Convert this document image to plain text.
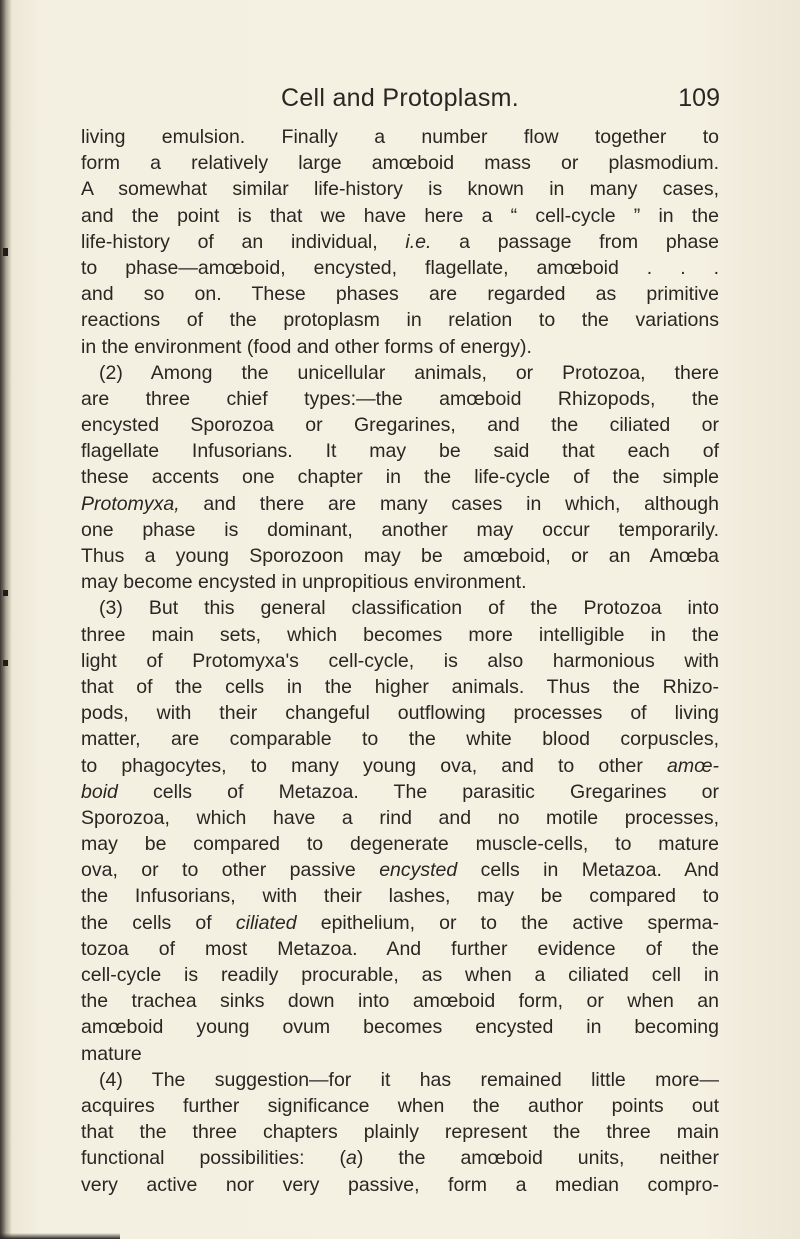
Cell and Protoplasm.	109
living emulsion. Finally a number flow together to
form a relatively large amœboid mass or plasmodium.
A somewhat similar life-history is known in many cases,
and the point is that we have here a “ cell-cycle ” in the
life-history of an individual, i.e. a passage from phase
to phase—amœboid, encysted, flagellate, amœboid . . .
and so on. These phases are regarded as primitive
reactions of the protoplasm in relation to the variations
in the environment (food and other forms of energy).
(2) Among the unicellular animals, or Protozoa, there
are three chief types:—the amœboid Rhizopods, the
encysted Sporozoa or Gregarines, and the ciliated or
flagellate Infusorians. It may be said that each of
these accents one chapter in the life-cycle of the simple
Protomyxa, and there are many cases in which, although
one phase is dominant, another may occur temporarily.
Thus a young Sporozoon may be amœboid, or an Amœba
may become encysted in unpropitious environment.
(3) But this general classification of the Protozoa into
three main sets, which becomes more intelligible in the
light of Protomyxa's cell-cycle, is also harmonious with
that of the cells in the higher animals. Thus the Rhizo-
pods, with their changeful outflowing processes of living
matter, are comparable to the white blood corpuscles,
to phagocytes, to many young ova, and to other amœ-
boid cells of Metazoa. The parasitic Gregarines or
Sporozoa, which have a rind and no motile processes,
may be compared to degenerate muscle-cells, to mature
ova, or to other passive encysted cells in Metazoa. And
the Infusorians, with their lashes, may be compared to
the cells of ciliated epithelium, or to the active sperma-
tozoa of most Metazoa. And further evidence of the
cell-cycle is readily procurable, as when a ciliated cell in
the trachea sinks down into amœboid form, or when an
amœboid young ovum becomes encysted in becoming
mature
(4) The suggestion—for it has remained little more—
acquires further significance when the author points out
that the three chapters plainly represent the three main
functional possibilities: (a) the amœboid units, neither
very active nor very passive, form a median compro-
